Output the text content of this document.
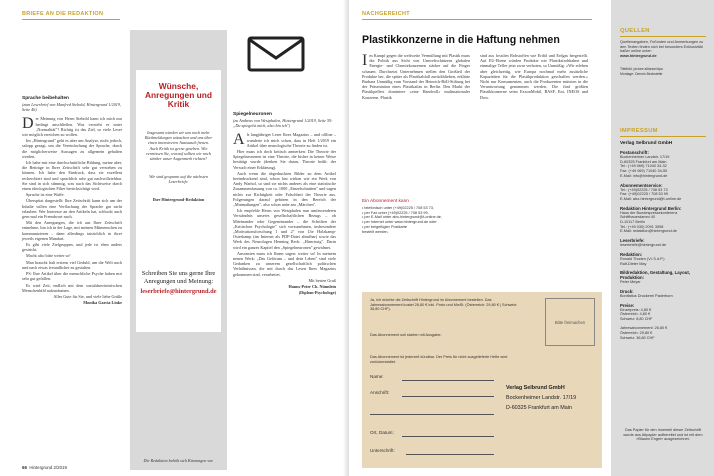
BRIEFE AN DIE REDAKTION
Sprache beibehalten
(zum Leserbrief von Manfred Siebold, Hintergrund 1/2019, Seite 46)
D er Meinung von Herrn Siebold kann ich mich nur bedingt anschließen. Was versteht er unter „Normalität"? Richtig ist das Ziel, so viele Leser wie möglich erreichen zu wollen.

Im „Hintergrund" geht es aber um Analyse, nicht jedoch, salopp gesagt, um die Vereinfachung der Sprache, durch die möglicherweise Aussagen zu allgemein gehalten werden.

Ich habe mir eine durchschnittliche Bildung, meine aber, die Beiträge in Ihrer Zeitschrift sehr gut verstehen zu können. Ich habe den Eindruck, dass sie exzellent recherchiert sind und sprachlich sehr gut nachvollziehbar. Sie sind in sich stimmig, was auch das Sichtweise durch einen ideologischen Filter berücksichtigt wird.

Sprache ist eine Waffe.

Überspitzt dargestellt: Ihre Zeitschrift kann sich um der Inhalte willen eine Verflachung der Sprache gar nicht erlauben. Wer Interesse an den Artikeln hat, schluckt auch gern mal ein Fremdwort nach.

Mit den Anregungen, die ich aus Ihrer Zeitschrift entnehme, bin ich in der Lage, mit meinen Mitmenschen zu kommunizieren – dann allerdings tatsächlich in ihrer jeweils eigenen Mundart.

Es gibt viele Zielgruppen, und jede ist eben anders gestrickt.

Macht also bitte weiter so!

Man braucht halt erstens viel Geduld, um die Welt nach und nach etwas freundlicher zu gestalten.

PS: Ihre Artikel über die menschliche Psyche haben mir sehr gut gefallen.

Es wird Zeit, endlich mit dem sozialdarwinistischen Menschenbild aufzuräumen.

Alles Gute für Sie, und viele liebe Grüße

Monika Garcia Linke

Wünsche, Anregungen und Kritik
Insgesamt würden wir uns noch mehr Rückmeldungen wünschen und uns über einen intensiveren Austausch freuen. Auch Kritik ist gerne gesehen. Wie vermissen Sie, worauf sollten wir noch stärker unser Augenmerk richten?
Wir sind gespannt auf die nächsten Leserbriefe.
Ihre Hintergrund-Redaktion
Schreiben Sie uns gerne Ihre Anregungen und Meinung:
leserbriefe@hintergrund.de
Die Redaktion behält sich Kürzungen vor.
Spiegelneuronen
(zu Andreas von Westphalen, Hintergrund 1/2019, Seite 59: „Du spiegelst mich, also bin ich")
A ls langjähriger Leser Ihres Magazins – und offline – wunderte ich mich schon, dass in Heft 1/2019 ein Artikel über neurologische Theorie zu finden ist.

Hier muss ich doch kritisch anmerken: Die Theorie der Spiegelneuronen ist eine Theorie, die bisher in keiner Weise bestätigt wurde (denken Sie daran, Theorie heißt: der Versuch einer Erklärung).

Auch wenn die abgedruckten Bilder zu dem Artikel beeindruckend sind, schon fast wirken wie ein Werk von Andy Warhol, so sind sie nichts anderes als eine statistische Zusammenfassung von ca. 1000 „Einzelschnitten" und sagen nichts zur Richtigkeit oder Falschheit der Theorie aus. Folgerungen darauf gehören in den Bereich der „Mutmaßungen", also schon nahe am „Märchen".

Ich empfehle Herrn von Westphalen nun umfassenderen Verständnis unseres gesellschaftlichen Bezugs – ob Miteinander oder Gegeneinander – die Schriften der „Kritischen Psychologie" sich vorzunehmen, insbesondere „Motivationsforschung 1 und 2" von Ute Holzkamp-Osterkamp (im Internet als PDF-Datei abrufbar) sowie das Werk des Neurologen Henning Beck: „Hirnrissig". Darin wird ein ganzes Kapitel den „Spiegelneuronen" gewidmet.

Ansonsten muss ich Ihnen sagen: weiter so! In meinem neuen Werk: „Das Geförum – und dein Leben" sind viele Gedanken zu unserem gesellschaftlich politischen Verhältnissen, die mit durch das Lesen Ihres Magazins gekommen sind, verarbeitet.

Mit besten Gruß

Hanns-Peter Ch. Nünnlein

(Diplom-Psychologe)

66 Hintergrund 2/2019
NACHGEREICHT
Plastikkonzerne in die Haftung nehmen
I m Kampf gegen die weltweite Vermüllung mit Plastik muss die Politik aus Sicht von Umweltschützern globalen Energie- und Chemiekonzernen stärker auf die Finger schauen. Durchsetzt Unternehmen stellen den Großteil der Produkte her, die später als Plastikabfall zurückblieben, erklärte Barbara Unmüßig vom Vorstand der Heinrich-Böll-Stiftung bei der Präsentation eines Plastikatlas in Berlin. Den Markt der Plastikpellets dominiere »eine Handvoll« multinationaler Konzerne. Plastik
sind aus fossilen Rohstoffen wie Erdöl und Erdgas hergestellt. Auf EU-Ebene würden Produkte wie Plastikstrohhalme und einmalige Teller jetzt zwar verboten, so Unmüßig. »Wir erleben aber gleichzeitig, wie Europa nochmal mehr zusätzliche Kapazitäten für die Plastikproduktion geschaffen werden.« Nicht nur Konsumenten, auch die Produzenten müssten in die Verantwortung genommen werden. Die fünf größten Plastikkonzerne seien ExxonMobil, BASF, Eni, INEOS und Dow.
Ein Abonnement kann
• telefonisch unter (+49)02225 / 708 53 73,
• per Fax unter (+49)02225 / 708 53 99,
• per E-Mail unter abo-hintergrund@t-online.de,
• per Internet unter www.hintergrund.de oder
• per beigefügter Postkarte
bestellt werden.
Ja, ich möchte die Zeitschrift Hintergrund im Abonnement bestellen. Das Jahresabonnement kostet 26,80 € inkl. Porto und MwSt. (Österreich: 29,80 € | Schweiz: 36,80 CHF).
Das Abonnement soll starten mit Ausgabe:
Das Abonnement ist jederzeit kündbar. Der Preis für nicht ausgelieferte Hefte wird zurückerstattet.
Bitte freimachen
Name:
Anschrift:
Ort, Datum:
Unterschrift:
Verlag Selbrund GmbH
Bockenheimer Landstr. 17/19
D-60325 Frankfurt am Main
QUELLEN
Quellenangaben, Fußnoten und Anmerkungen zu den Texten finden sich bei besonders Exklusivität haßer online unter:
www.hintergrund.de
Titelbild: picture alliance/dpa
Montage: Dennis Beckstette
IMPRESSUM
Verlag Selbrund GmbH
Postanschrift:
Bockenheimer Landstr. 17/19
D-60325 Frankfurt am Main
Tel.: (+49 069) 71040 34-32
Fax: (+49 069) 71040 34-50
E-Mail: info@hintergrund.de
Abonnementservice:
Tel.: (+49)02225 / 708 53 73
Fax: (+49)02225 / 708 53 99
E-Mail: abo-hintergrund@t-online.de
Redaktion Hintergrund Berlin:
Haus der Bundespressekonferenz
Schiffbauerdamm 40
D-10117 Berlin
Tel.: (+49 030) 2091 3598
E-Mail: redaktion@hintergrund.de
Leserbriefe:
leserbriefe@hintergrund.de
Redaktion:
Ronald Thoden (V.i.S.d.P.)
Ralf-Dieter May
Bildredaktion, Gestaltung, Layout, Produktion:
Peter Meyer
Druck:
Bonifatius Druckerei Paderborn
Preise:
Einzelpreis: 4,80 €
Österreich: 4,80 €
Schweiz: 8,80 CHF

Jahresabonnement: 26,80 €
Österreich: 29,80 €
Schweiz: 36,80 CHF
Das Papier für den Innenteil dieser Zeitschrift wurde aus Altpapier aufbereitet und ist mit dem »Blauen Engel« ausgezeichnet.
